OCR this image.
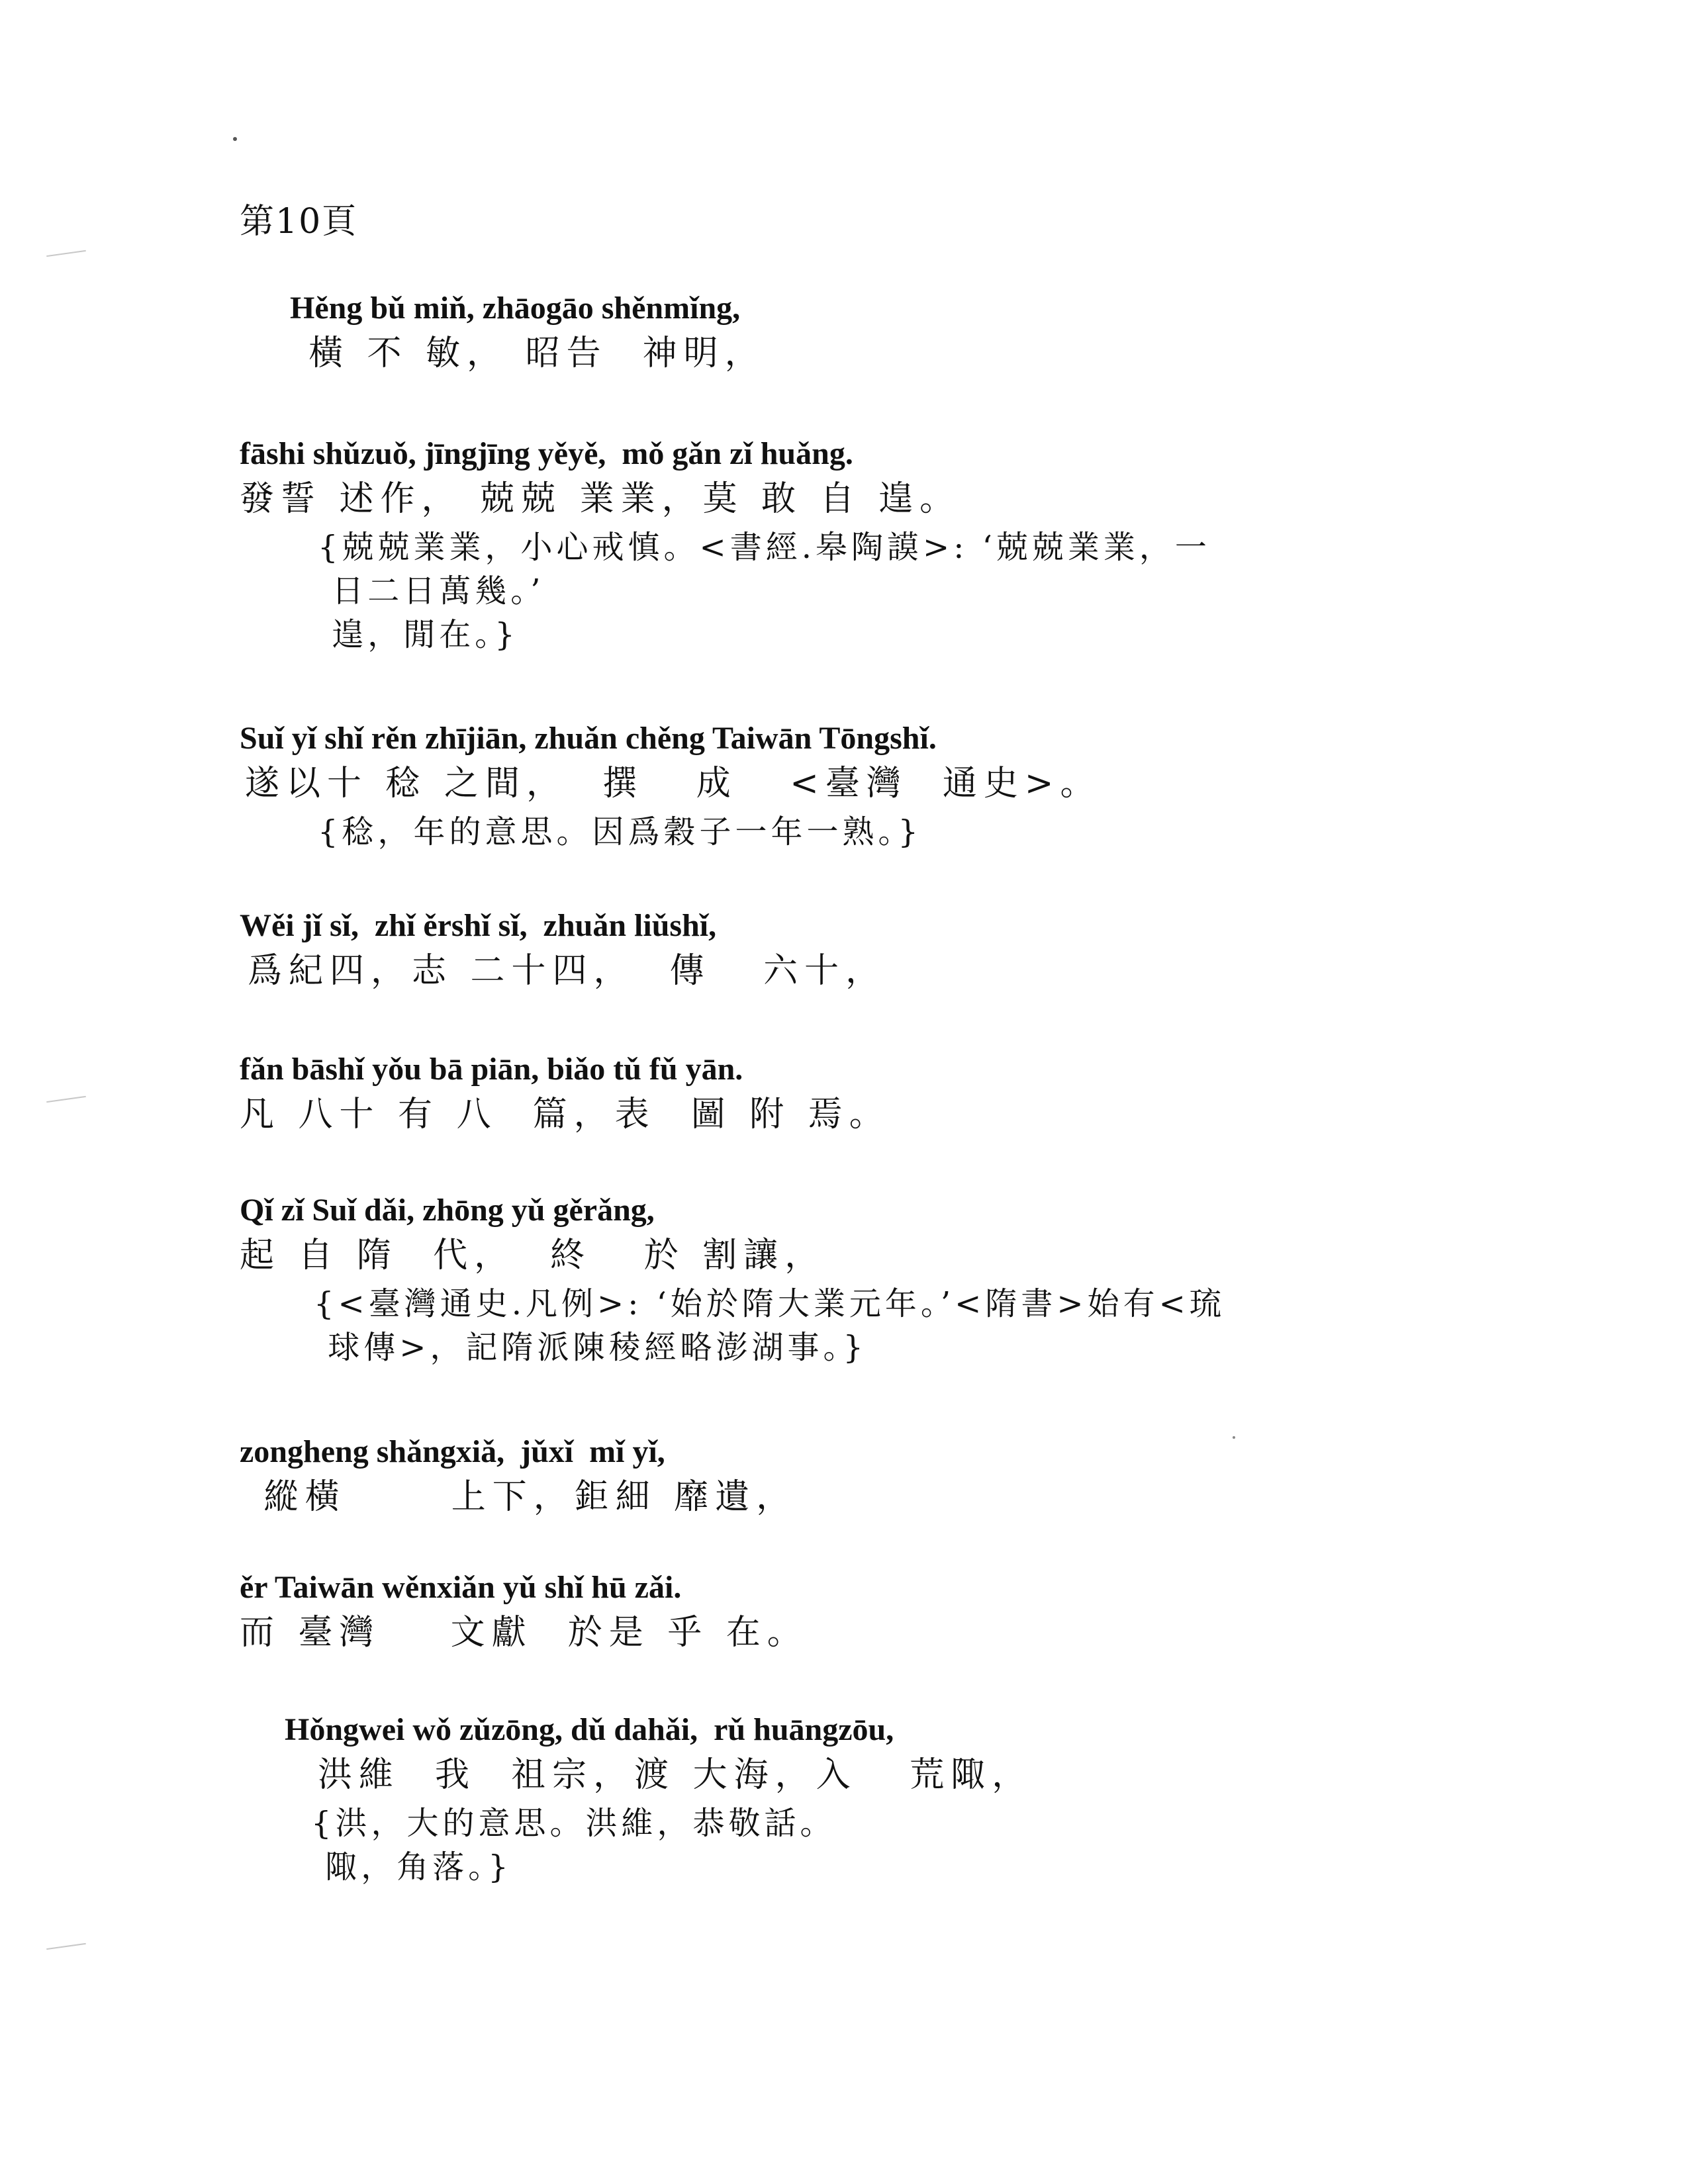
第10頁
Hěng bǔ miň, zhāogāo shěnmǐng,
橫 不 敏， 昭告  神明，
fāshi shǔzuǒ, jīngjīng yěyě,  mǒ gǎn zǐ huǎng.
發誓 述作， 兢兢 業業，莫 敢 自 遑。
{兢兢業業，小心戒慎。<書經.皋陶謨>: ‘兢兢業業，一
日二日萬幾。’
遑，閒在。}
Suǐ yǐ shǐ rěn zhījiān, zhuǎn chěng Taiwān Tōngshǐ.
遂以十 稔 之間，  撰   成   <臺灣  通史>。
{稔，年的意思。因爲穀子一年一熟。}
Wěi jǐ sǐ,  zhǐ ěrshǐ sǐ,  zhuǎn liǔshǐ,
爲紀四，志 二十四，  傳   六十，
fǎn bāshǐ yǒu bā piān, biǎo tǔ fǔ yān.
凡 八十 有 八  篇，表  圖 附 焉。
Qǐ zǐ Suǐ dǎi, zhōng yǔ gěrǎng,
起 自 隋  代，  終   於 割讓，
{<臺灣通史.凡例>: ‘始於隋大業元年。’<隋書>始有<琉
球傳>，記隋派陳稜經略澎湖事。}
zongheng shǎngxiǎ,  jǔxǐ  mǐ yǐ,
縱橫      上下，鉅細 靡遺，
ěr Taiwān wěnxiǎn yǔ shǐ hū zǎi.
而 臺灣    文獻  於是 乎 在。
Hǒngwei wǒ zǔzōng, dǔ dahǎi,  rǔ huāngzōu,
洪維  我  祖宗，渡 大海，入   荒陬，
{洪，大的意思。洪維，恭敬話。
陬，角落。}
